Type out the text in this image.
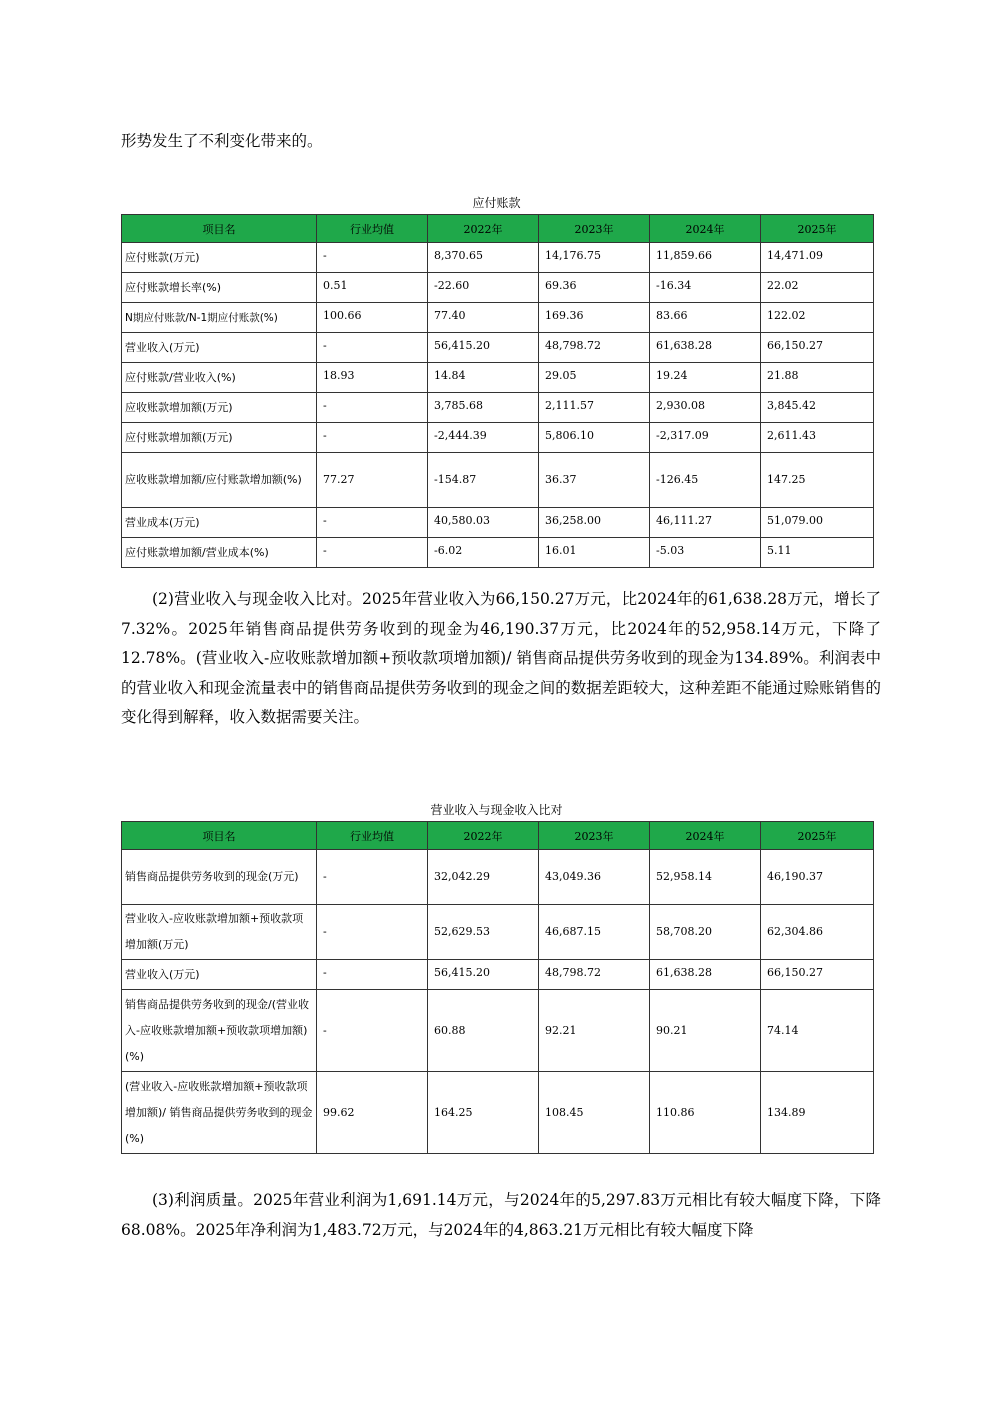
形势发生了不利变化带来的。

应付账款
项目名	行业均值	2022年	2023年	2024年	2025年
应付账款(万元)	-	8,370.65	14,176.75	11,859.66	14,471.09
应付账款增长率(%)	0.51	-22.60	69.36	-16.34	22.02
N期应付账款/N-1期应付账款(%)	100.66	77.40	169.36	83.66	122.02
营业收入(万元)	-	56,415.20	48,798.72	61,638.28	66,150.27
应付账款/营业收入(%)	18.93	14.84	29.05	19.24	21.88
应收账款增加额(万元)	-	3,785.68	2,111.57	2,930.08	3,845.42
应付账款增加额(万元)	-	-2,444.39	5,806.10	-2,317.09	2,611.43
应收账款增加额/应付账款增加额(%)	77.27	-154.87	36.37	-126.45	147.25
营业成本(万元)	-	40,580.03	36,258.00	46,111.27	51,079.00
应付账款增加额/营业成本(%)	-	-6.02	16.01	-5.03	5.11

(2)营业收入与现金收入比对。2025年营业收入为66,150.27万元，比2024年的61,638.28万元，增长了7.32%。2025年销售商品提供劳务收到的现金为46,190.37万元，比2024年的52,958.14万元，下降了12.78%。(营业收入-应收账款增加额+预收款项增加额)/ 销售商品提供劳务收到的现金为134.89%。利润表中的营业收入和现金流量表中的销售商品提供劳务收到的现金之间的数据差距较大，这种差距不能通过赊账销售的变化得到解释，收入数据需要关注。

营业收入与现金收入比对
项目名	行业均值	2022年	2023年	2024年	2025年
销售商品提供劳务收到的现金(万元)	-	32,042.29	43,049.36	52,958.14	46,190.37
营业收入-应收账款增加额+预收款项增加额(万元)	-	52,629.53	46,687.15	58,708.20	62,304.86
营业收入(万元)	-	56,415.20	48,798.72	61,638.28	66,150.27
销售商品提供劳务收到的现金/(营业收入-应收账款增加额+预收款项增加额)(%)	-	60.88	92.21	90.21	74.14
(营业收入-应收账款增加额+预收款项增加额)/ 销售商品提供劳务收到的现金(%)	99.62	164.25	108.45	110.86	134.89

(3)利润质量。2025年营业利润为1,691.14万元，与2024年的5,297.83万元相比有较大幅度下降，下降68.08%。2025年净利润为1,483.72万元，与2024年的4,863.21万元相比有较大幅度下降
